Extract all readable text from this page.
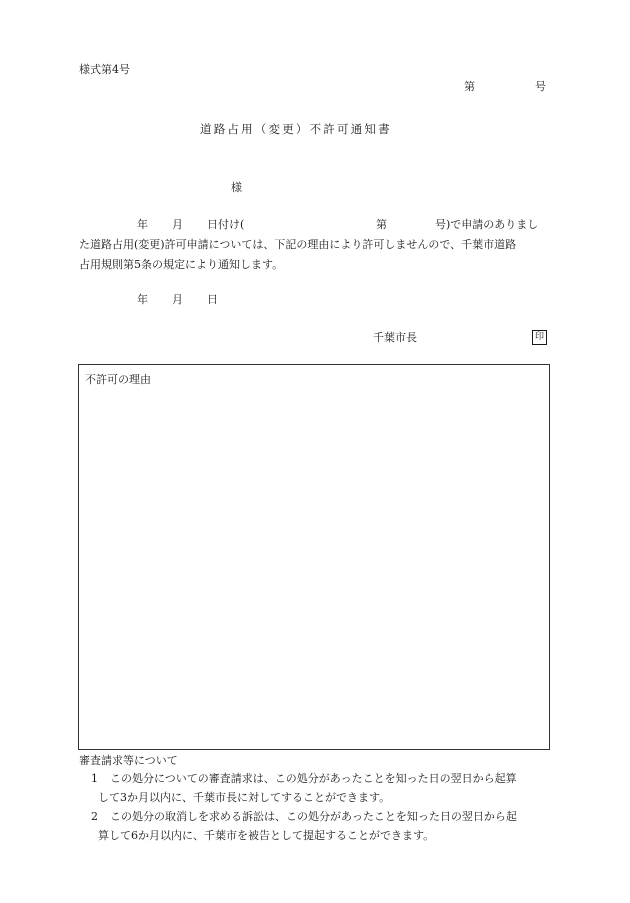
様式第4号
第	号
道路占用（変更）不許可通知書
様
年 月 日付け(	第	号)で申請のありまし
た道路占用(変更)許可申請については、下記の理由により許可しませんので、千葉市道路
占用規則第5条の規定により通知します。
年 月 日
千葉市長	印
不許可の理由
審査請求等について
1 この処分についての審査請求は、この処分があったことを知った日の翌日から起算
して3か月以内に、千葉市長に対してすることができます。
2 この処分の取消しを求める訴訟は、この処分があったことを知った日の翌日から起
算して6か月以内に、千葉市を被告として提起することができます。
